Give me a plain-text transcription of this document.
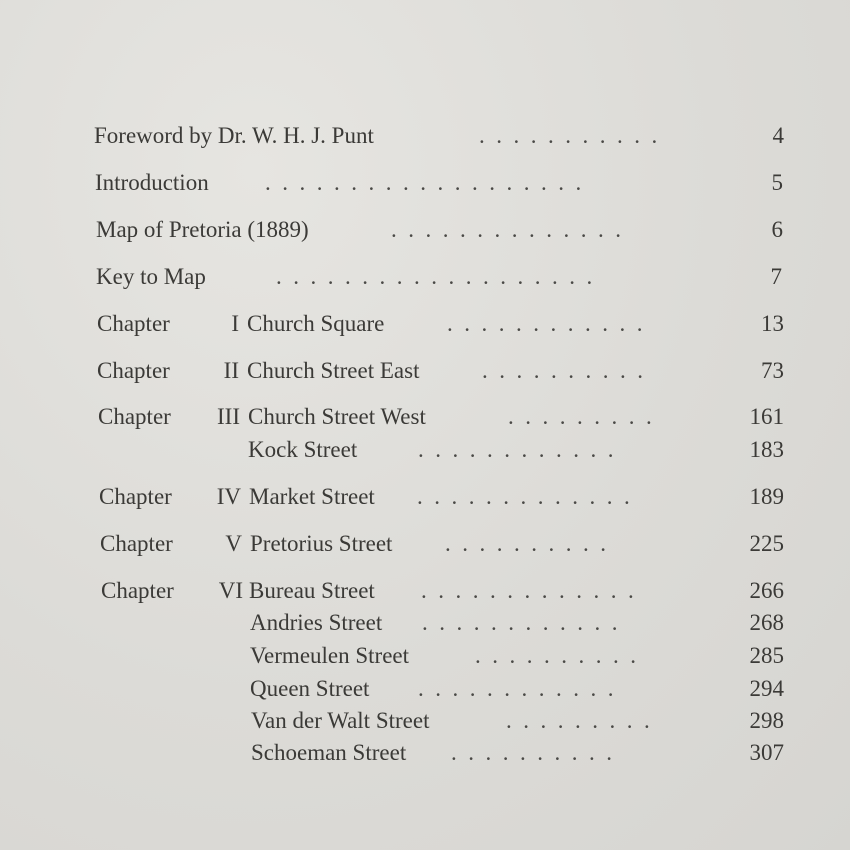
Foreword by Dr. W. H. J. Punt	...........	4
Introduction ...................	5
Map of Pretoria (1889)	..............	6
Key to Map	...................	7
Chapter	I Church Square	............	13
Chapter	II Church Street East	..........	73
Chapter	III Church Street West	.........	161
Kock Street	............	183
Chapter	IV Market Street .............	189
Chapter	V Pretorius Street ..........	225
Chapter	VI Bureau Street .............	266
Andries Street ............	268
Vermeulen Street	..........	285
Queen Street ............	294
Van der Walt Street	.........	298
Schoeman Street ..........	307
